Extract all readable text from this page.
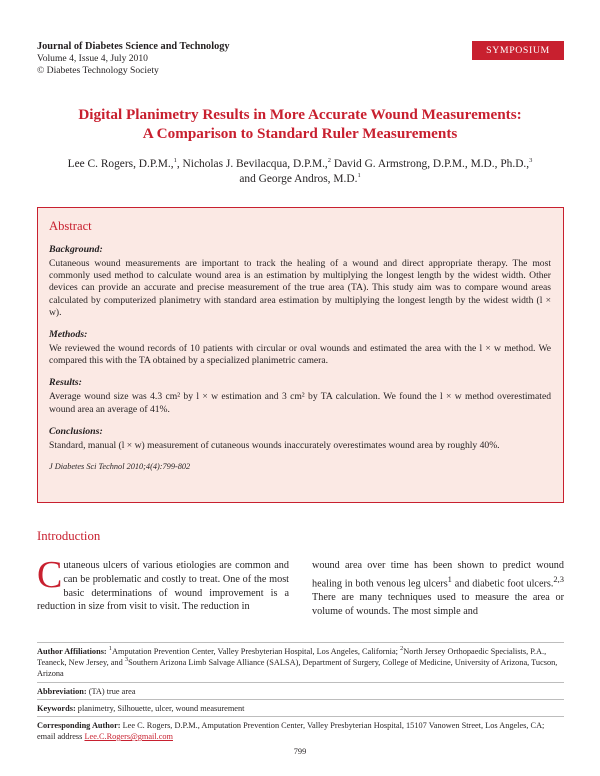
Journal of Diabetes Science and Technology
Volume 4, Issue 4, July 2010
© Diabetes Technology Society
SYMPOSIUM
Digital Planimetry Results in More Accurate Wound Measurements:
A Comparison to Standard Ruler Measurements
Lee C. Rogers, D.P.M.,$^1$, Nicholas J. Bevilacqua, D.P.M.,$^2$ David G. Armstrong, D.P.M., M.D., Ph.D.,$^3$
and George Andros, M.D.$^1$
Abstract
Background:

Cutaneous wound measurements are important to track the healing of a wound and direct appropriate therapy. The most commonly used method to calculate wound area is an estimation by multiplying the longest length by the widest width. Other devices can provide an accurate and precise measurement of the true area (TA). This study aim was to compare wound areas calculated by computerized planimetry with standard area estimation by multiplying the longest length by the widest width (l × w).

Methods:

We reviewed the wound records of 10 patients with circular or oval wounds and estimated the area with the l × w method. We compared this with the TA obtained by a specialized planimetric camera.

Results:

Average wound size was 4.3 cm² by l × w estimation and 3 cm² by TA calculation. We found the l × w method overestimated wound area an average of 41%.

Conclusions:

Standard, manual (l × w) measurement of cutaneous wounds inaccurately overestimates wound area by roughly 40%.

J Diabetes Sci Technol 2010;4(4):799-802
Introduction
Cutaneous ulcers of various etiologies are common and can be problematic and costly to treat. One of the most basic determinations of wound improvement is a reduction in size from visit to visit. The reduction in
wound area over time has been shown to predict wound healing in both venous leg ulcers$^1$ and diabetic foot ulcers.$^{2,3}$ There are many techniques used to measure the area or volume of wounds. The most simple and
Author Affiliations: $^1$Amputation Prevention Center, Valley Presbyterian Hospital, Los Angeles, California; $^2$North Jersey Orthopaedic Specialists, P.A., Teaneck, New Jersey, and $^3$Southern Arizona Limb Salvage Alliance (SALSA), Department of Surgery, College of Medicine, University of Arizona, Tucson, Arizona
Abbreviation: (TA) true area
Keywords: planimetry, Silhouette, ulcer, wound measurement
Corresponding Author: Lee C. Rogers, D.P.M., Amputation Prevention Center, Valley Presbyterian Hospital, 15107 Vanowen Street, Los Angeles, CA; email address Lee.C.Rogers@gmail.com
799
